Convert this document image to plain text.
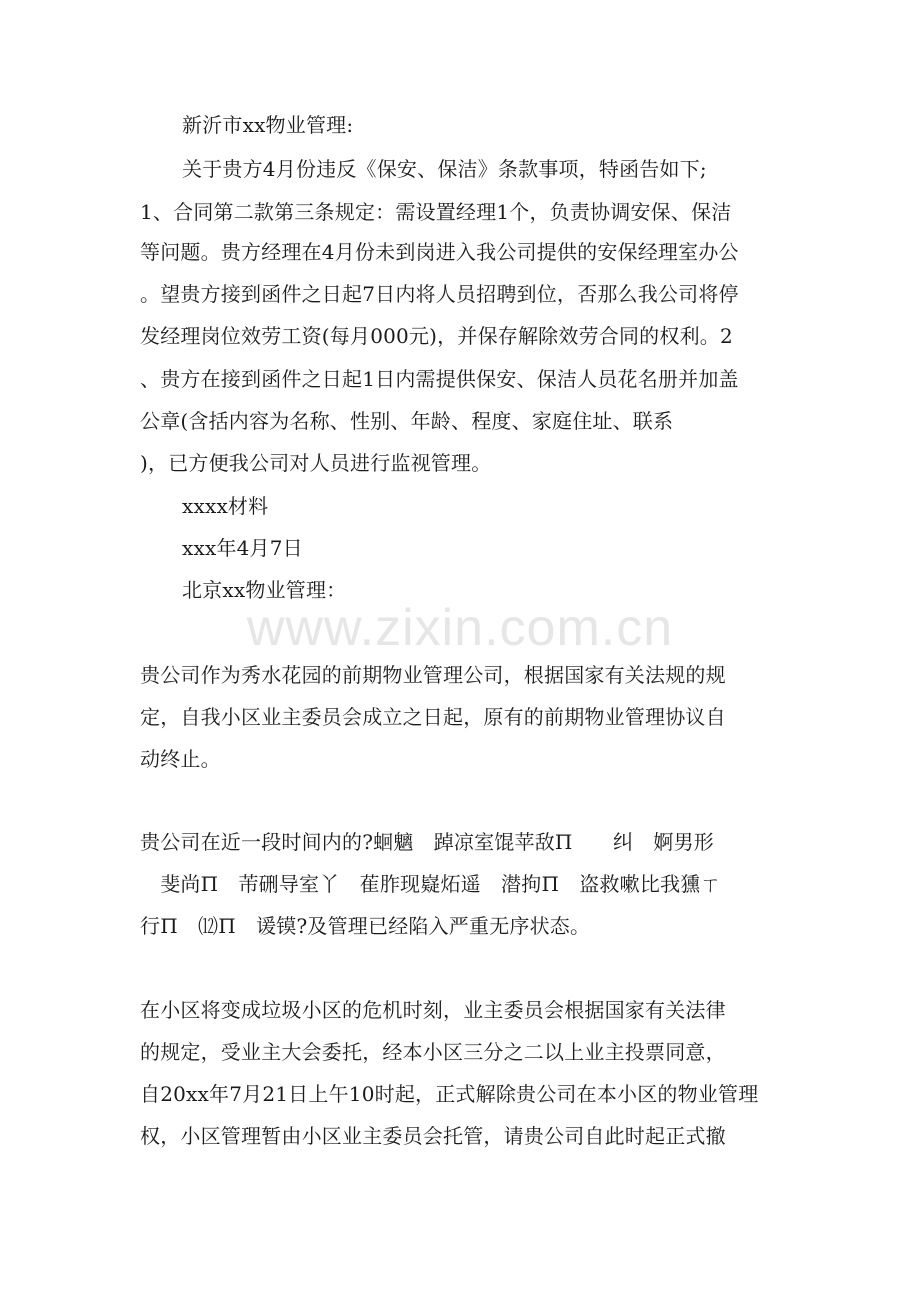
新沂市xx物业管理:
关于贵方4月份违反《保安、保洁》条款事项，特函告如下;
1、合同第二款第三条规定：需设置经理1个，负责协调安保、保洁
等问题。贵方经理在4月份未到岗进入我公司提供的安保经理室办公
。望贵方接到函件之日起7日内将人员招聘到位，否那么我公司将停
发经理岗位效劳工资(每月000元)，并保存解除效劳合同的权利。2
、贵方在接到函件之日起1日内需提供保安、保洁人员花名册并加盖
公章(含括内容为名称、性别、年龄、程度、家庭住址、联系
)，已方便我公司对人员进行监视管理。
xxxx材料
xxx年4月7日
北京xx物业管理：
www.zixin.com.cn
贵公司作为秀水花园的前期物业管理公司，根据国家有关法规的规
定，自我小区业主委员会成立之日起，原有的前期物业管理协议自
动终止。
贵公司在近一段时间内的?蛔魑　踔凉室馄苹敌Π　　纠　婀男形
　斐尚Π　芾硎导室丫　萑胙现嶷炻遥　潜拘Π　盗救嗽比我獯ㄒ
行Π　⑿Π　谖镆?及管理已经陷入严重无序状态。
在小区将变成垃圾小区的危机时刻，业主委员会根据国家有关法律
的规定，受业主大会委托，经本小区三分之二以上业主投票同意，
自20xx年7月21日上午10时起，正式解除贵公司在本小区的物业管理
权，小区管理暂由小区业主委员会托管，请贵公司自此时起正式撤
